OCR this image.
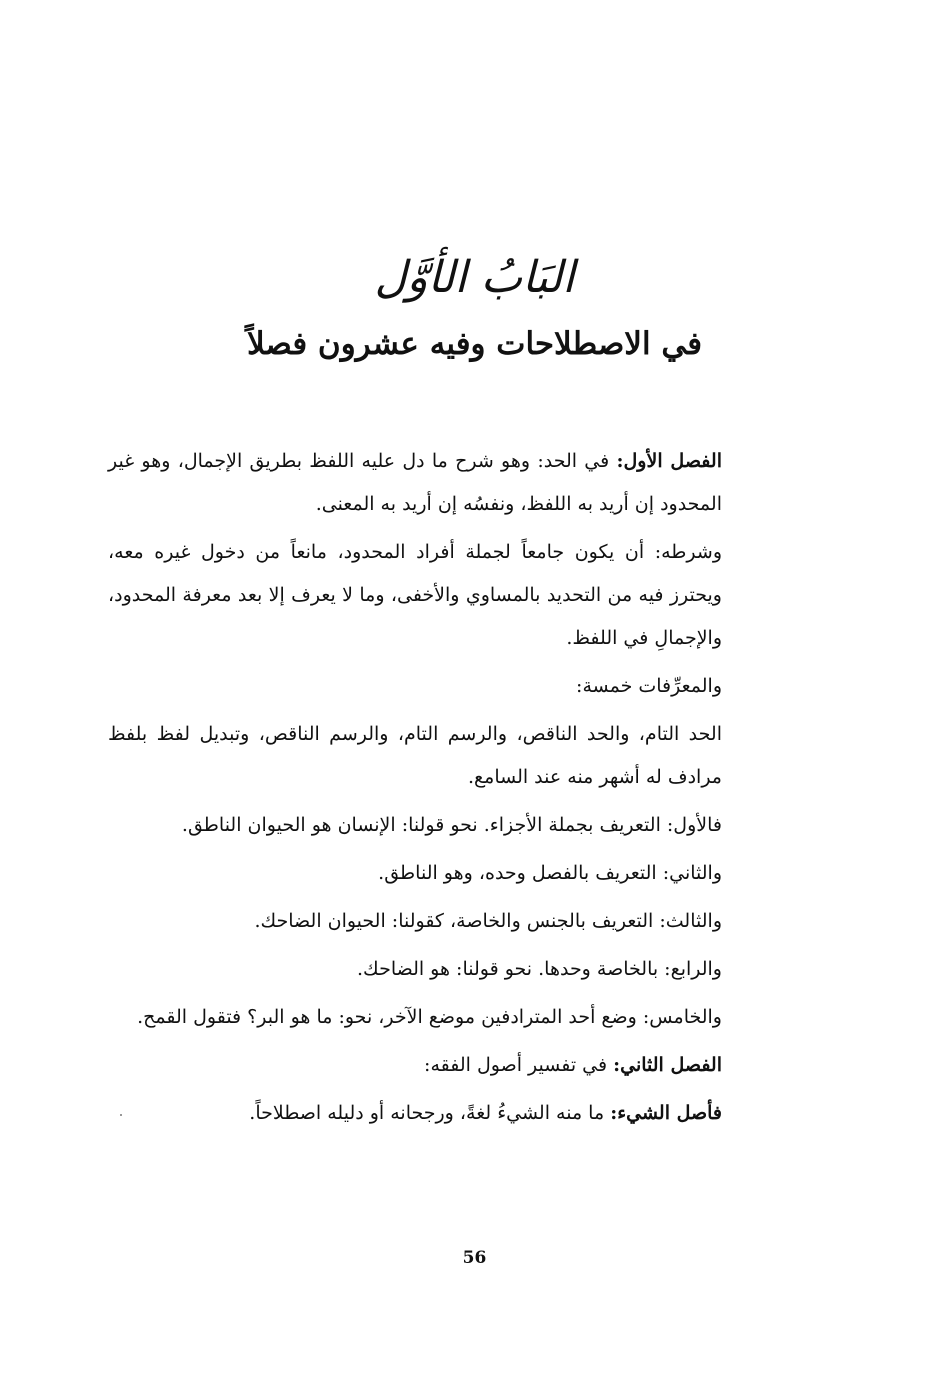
البَابُ الأوَّل
في الاصطلاحات وفيه عشرون فصلاً

الفصل الأول: في الحد: وهو شرح ما دل عليه اللفظ بطريق الإجمال، وهو غير المحدود إن أريد به اللفظ، ونفسُه إن أريد به المعنى.

وشرطه: أن يكون جامعاً لجملة أفراد المحدود، مانعاً من دخول غيره معه، ويحترز فيه من التحديد بالمساوي والأخفى، وما لا يعرف إلا بعد معرفة المحدود، والإجمالِ في اللفظ.

والمعرِّفات خمسة:

الحد التام، والحد الناقص، والرسم التام، والرسم الناقص، وتبديل لفظ بلفظ مرادف له أشهر منه عند السامع.

فالأول: التعريف بجملة الأجزاء. نحو قولنا: الإنسان هو الحيوان الناطق.

والثاني: التعريف بالفصل وحده، وهو الناطق.

والثالث: التعريف بالجنس والخاصة، كقولنا: الحيوان الضاحك.

والرابع: بالخاصة وحدها. نحو قولنا: هو الضاحك.

والخامس: وضع أحد المترادفين موضع الآخر، نحو: ما هو البر؟ فتقول القمح.

الفصل الثاني: في تفسير أصول الفقه:

فأصل الشيء: ما منه الشيءُ لغةً، ورجحانه أو دليله اصطلاحاً.

56
